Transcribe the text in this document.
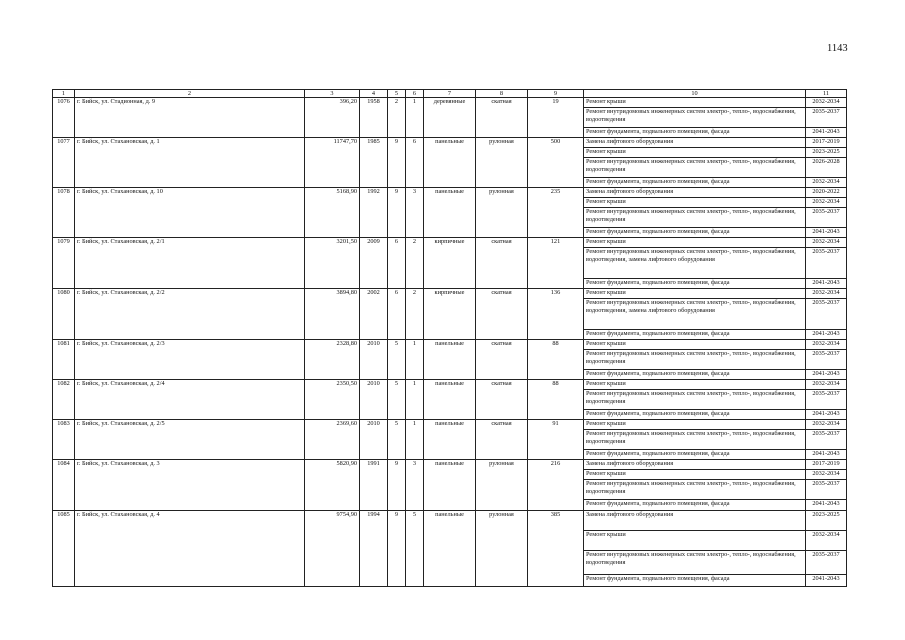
1143
1	2	3	4	5	6	7	8	9	10	11
1076	г. Бийск, ул. Стадионная, д. 9	396,20	1958	2	1	деревянные	скатная	19	Ремонт крыши	2032-2034
									Ремонт внутридомовых инженерных систем электро-, тепло-, водоснабжения, водоотведения	2035-2037
									Ремонт фундамента, подвального помещения, фасада	2041-2043
1077	г. Бийск, ул. Стахановская, д. 1	11747,70	1985	9	6	панельные	рулонная	500	Замена лифтового оборудования	2017-2019
									Ремонт крыши	2023-2025
									Ремонт внутридомовых инженерных систем электро-, тепло-, водоснабжения, водоотведения	2026-2028
									Ремонт фундамента, подвального помещения, фасада	2032-2034
1078	г. Бийск, ул. Стахановская, д. 10	5168,90	1992	9	3	панельные	рулонная	235	Замена лифтового оборудования	2020-2022
									Ремонт крыши	2032-2034
									Ремонт внутридомовых инженерных систем электро-, тепло-, водоснабжения, водоотведения	2035-2037
									Ремонт фундамента, подвального помещения, фасада	2041-2043
1079	г. Бийск, ул. Стахановская, д. 2/1	3201,50	2009	6	2	кирпичные	скатная	121	Ремонт крыши	2032-2034
									Ремонт внутридомовых инженерных систем электро-, тепло-, водоснабжения, водоотведения, замена лифтового оборудования	2035-2037
									Ремонт фундамента, подвального помещения, фасада	2041-2043
1080	г. Бийск, ул. Стахановская, д. 2/2	3894,80	2002	6	2	кирпичные	скатная	136	Ремонт крыши	2032-2034
									Ремонт внутридомовых инженерных систем электро-, тепло-, водоснабжения, водоотведения, замена лифтового оборудования	2035-2037
									Ремонт фундамента, подвального помещения, фасада	2041-2043
1081	г. Бийск, ул. Стахановская, д. 2/3	2328,80	2010	5	1	панельные	скатная	88	Ремонт крыши	2032-2034
									Ремонт внутридомовых инженерных систем электро-, тепло-, водоснабжения, водоотведения	2035-2037
									Ремонт фундамента, подвального помещения, фасада	2041-2043
1082	г. Бийск, ул. Стахановская, д. 2/4	2350,50	2010	5	1	панельные	скатная	88	Ремонт крыши	2032-2034
									Ремонт внутридомовых инженерных систем электро-, тепло-, водоснабжения, водоотведения	2035-2037
									Ремонт фундамента, подвального помещения, фасада	2041-2043
1083	г. Бийск, ул. Стахановская, д. 2/5	2369,60	2010	5	1	панельные	скатная	91	Ремонт крыши	2032-2034
									Ремонт внутридомовых инженерных систем электро-, тепло-, водоснабжения, водоотведения	2035-2037
									Ремонт фундамента, подвального помещения, фасада	2041-2043
1084	г. Бийск, ул. Стахановская, д. 3	5820,90	1991	9	3	панельные	рулонная	216	Замена лифтового оборудования	2017-2019
									Ремонт крыши	2032-2034
									Ремонт внутридомовых инженерных систем электро-, тепло-, водоснабжения, водоотведения	2035-2037
									Ремонт фундамента, подвального помещения, фасада	2041-2043
1085	г. Бийск, ул. Стахановская, д. 4	9754,90	1994	9	5	панельные	рулонная	385	Замена лифтового оборудования	2023-2025
									Ремонт крыши	2032-2034
									Ремонт внутридомовых инженерных систем электро-, тепло-, водоснабжения, водоотведения	2035-2037
									Ремонт фундамента, подвального помещения, фасада	2041-2043
